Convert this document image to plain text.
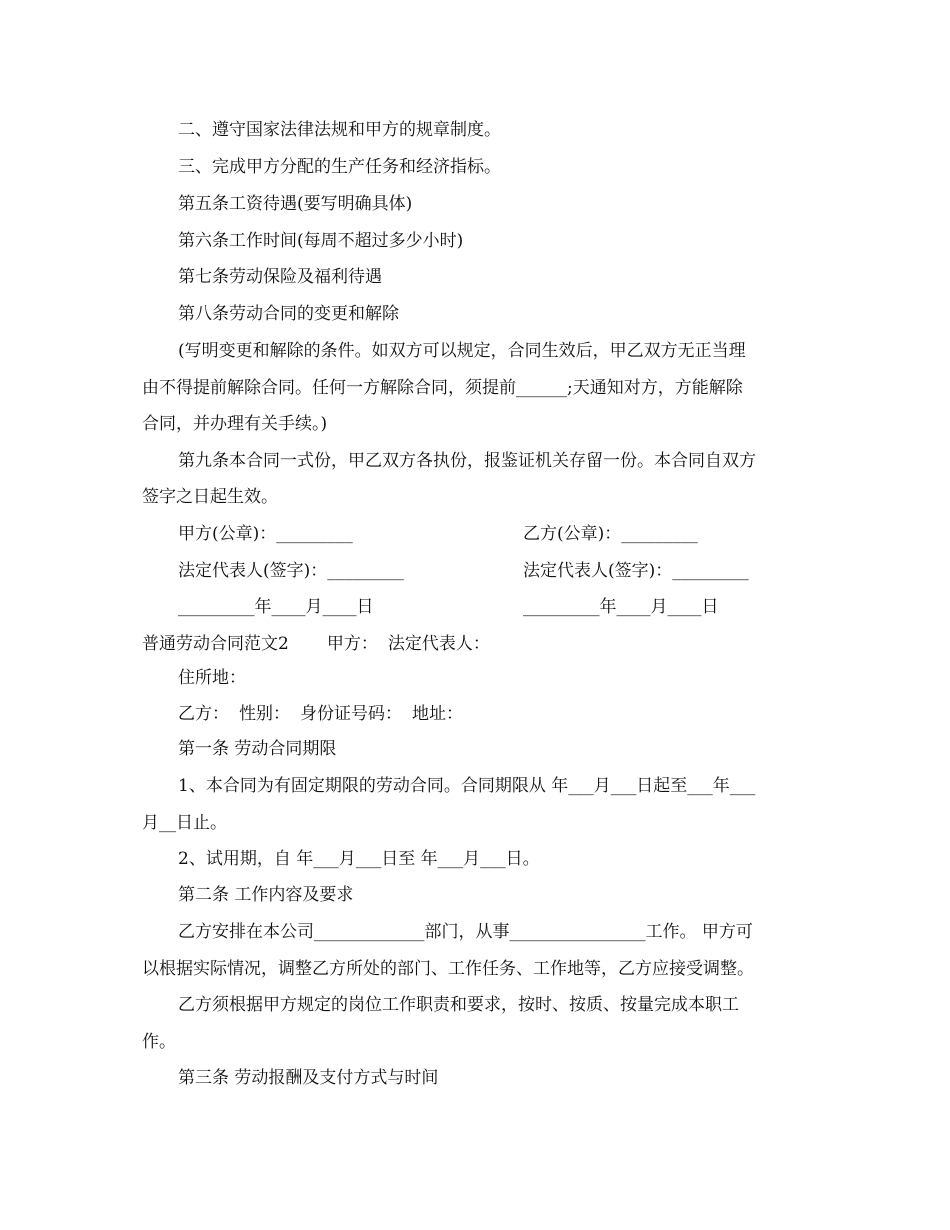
二、遵守国家法律法规和甲方的规章制度。
三、完成甲方分配的生产任务和经济指标。
第五条工资待遇(要写明确具体)
第六条工作时间(每周不超过多少小时)
第七条劳动保险及福利待遇
第八条劳动合同的变更和解除
(写明变更和解除的条件。如双方可以规定，合同生效后，甲乙双方无正当理
由不得提前解除合同。任何一方解除合同，须提前______;天通知对方，方能解除
合同，并办理有关手续。)
第九条本合同一式份，甲乙双方各执份，报鉴证机关存留一份。本合同自双方
签字之日起生效。
甲方(公章)：_________	乙方(公章)：_________
法定代表人(签字)：_________	法定代表人(签字)：_________
_________年____月____日	_________年____月____日
普通劳动合同范文2 甲方： 法定代表人：
住所地：
乙方： 性别： 身份证号码： 地址：
第一条 劳动合同期限
1、本合同为有固定期限的劳动合同。合同期限从 年___月___日起至___年___
月__日止。
2、试用期，自 年___月___日至 年___月___日。
第二条 工作内容及要求
乙方安排在本公司_____________部门，从事________________工作。 甲方可
以根据实际情况，调整乙方所处的部门、工作任务、工作地等，乙方应接受调整。
乙方须根据甲方规定的岗位工作职责和要求，按时、按质、按量完成本职工
作。
第三条 劳动报酬及支付方式与时间
